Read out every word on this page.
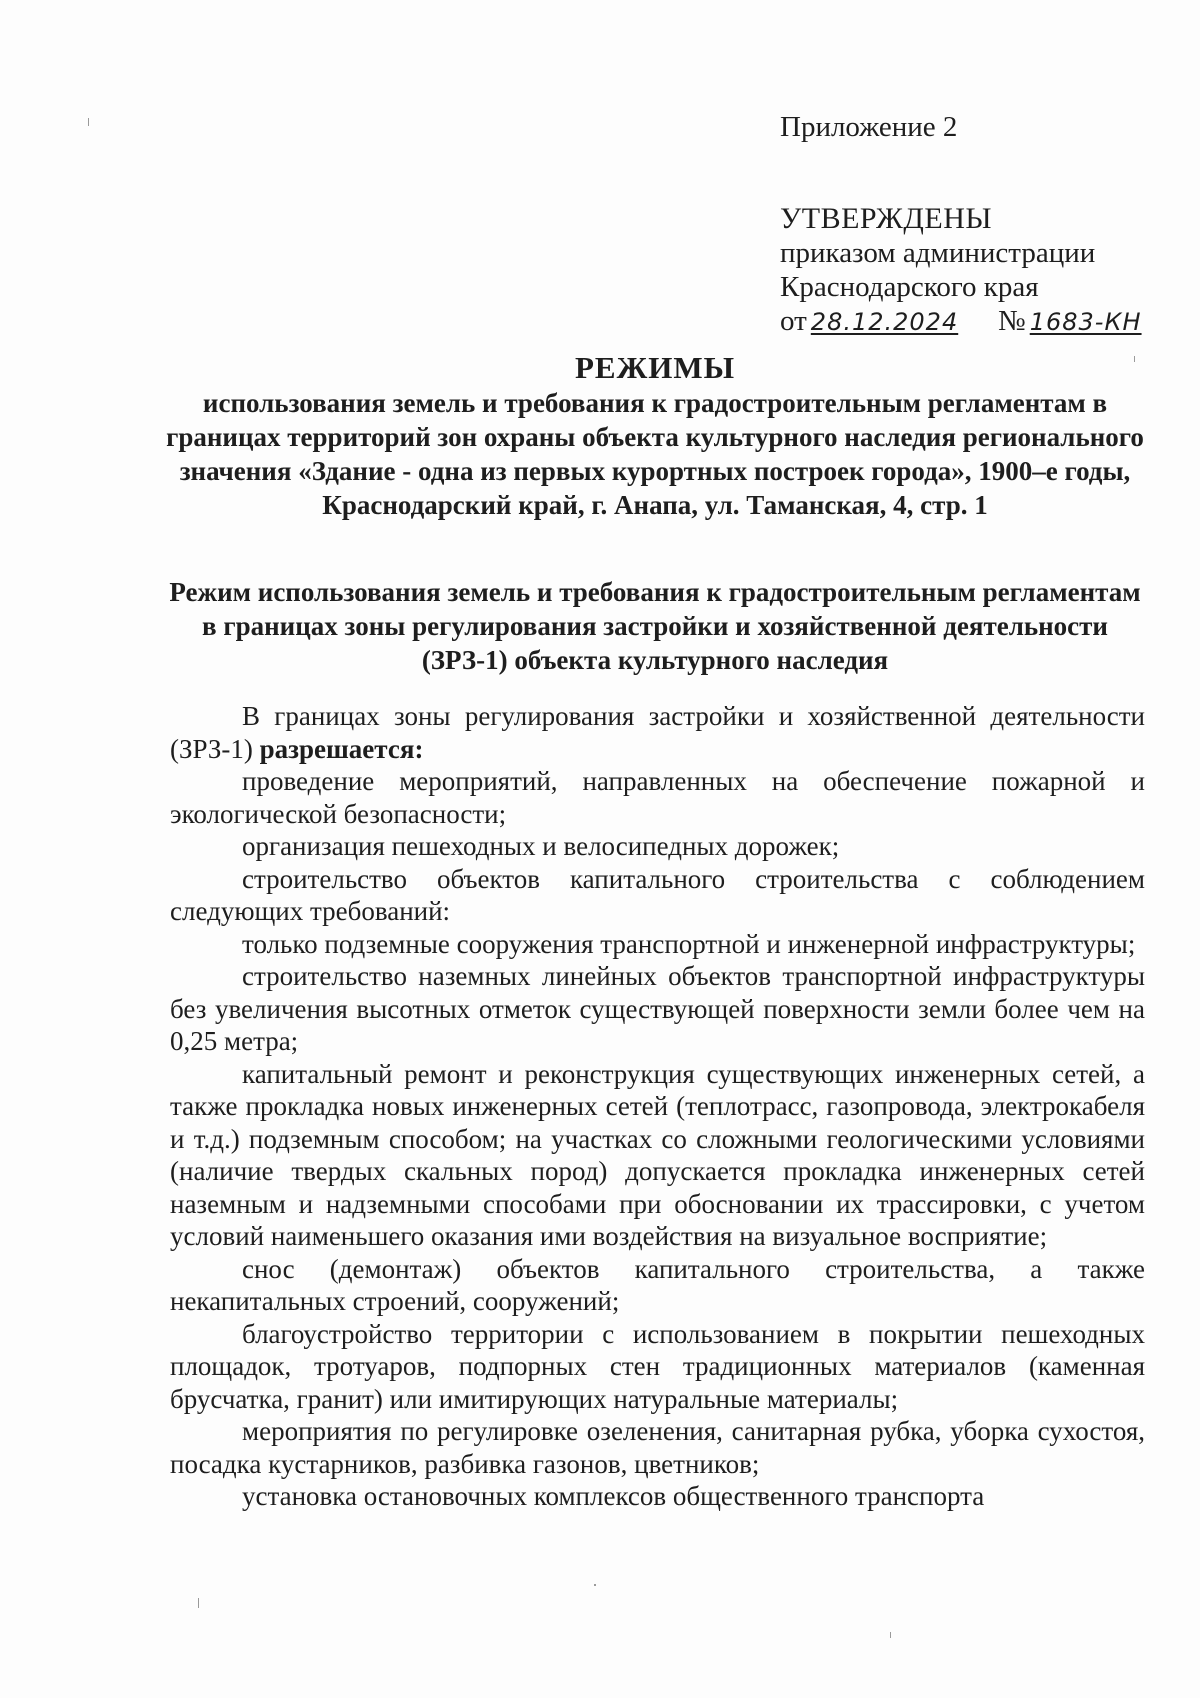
Приложение 2
УТВЕРЖДЕНЫ
приказом администрации
Краснодарского края
от 28.12.2024 № 1683-КН
РЕЖИМЫ
использования земель и требования к градостроительным регламентам в границах территорий зон охраны объекта культурного наследия регионального значения «Здание - одна из первых курортных построек города», 1900–е годы, Краснодарский край, г. Анапа, ул. Таманская, 4, стр. 1
Режим использования земель и требования к градостроительным регламентам в границах зоны регулирования застройки и хозяйственной деятельности (ЗРЗ-1) объекта культурного наследия

В границах зоны регулирования застройки и хозяйственной деятельности (ЗРЗ-1) разрешается:

проведение мероприятий, направленных на обеспечение пожарной и экологической безопасности;

организация пешеходных и велосипедных дорожек;

строительство объектов капитального строительства с соблюдением следующих требований:

только подземные сооружения транспортной и инженерной инфраструктуры;

строительство наземных линейных объектов транспортной инфраструктуры без увеличения высотных отметок существующей поверхности земли более чем на 0,25 метра;

капитальный ремонт и реконструкция существующих инженерных сетей, а также прокладка новых инженерных сетей (теплотрасс, газопровода, электрокабеля и т.д.) подземным способом; на участках со сложными геологическими условиями (наличие твердых скальных пород) допускается прокладка инженерных сетей наземным и надземными способами при обосновании их трассировки, с учетом условий наименьшего оказания ими воздействия на визуальное восприятие;

снос (демонтаж) объектов капитального строительства, а также некапитальных строений, сооружений;

благоустройство территории с использованием в покрытии пешеходных площадок, тротуаров, подпорных стен традиционных материалов (каменная брусчатка, гранит) или имитирующих натуральные материалы;

мероприятия по регулировке озеленения, санитарная рубка, уборка сухостоя, посадка кустарников, разбивка газонов, цветников;

установка остановочных комплексов общественного транспорта
